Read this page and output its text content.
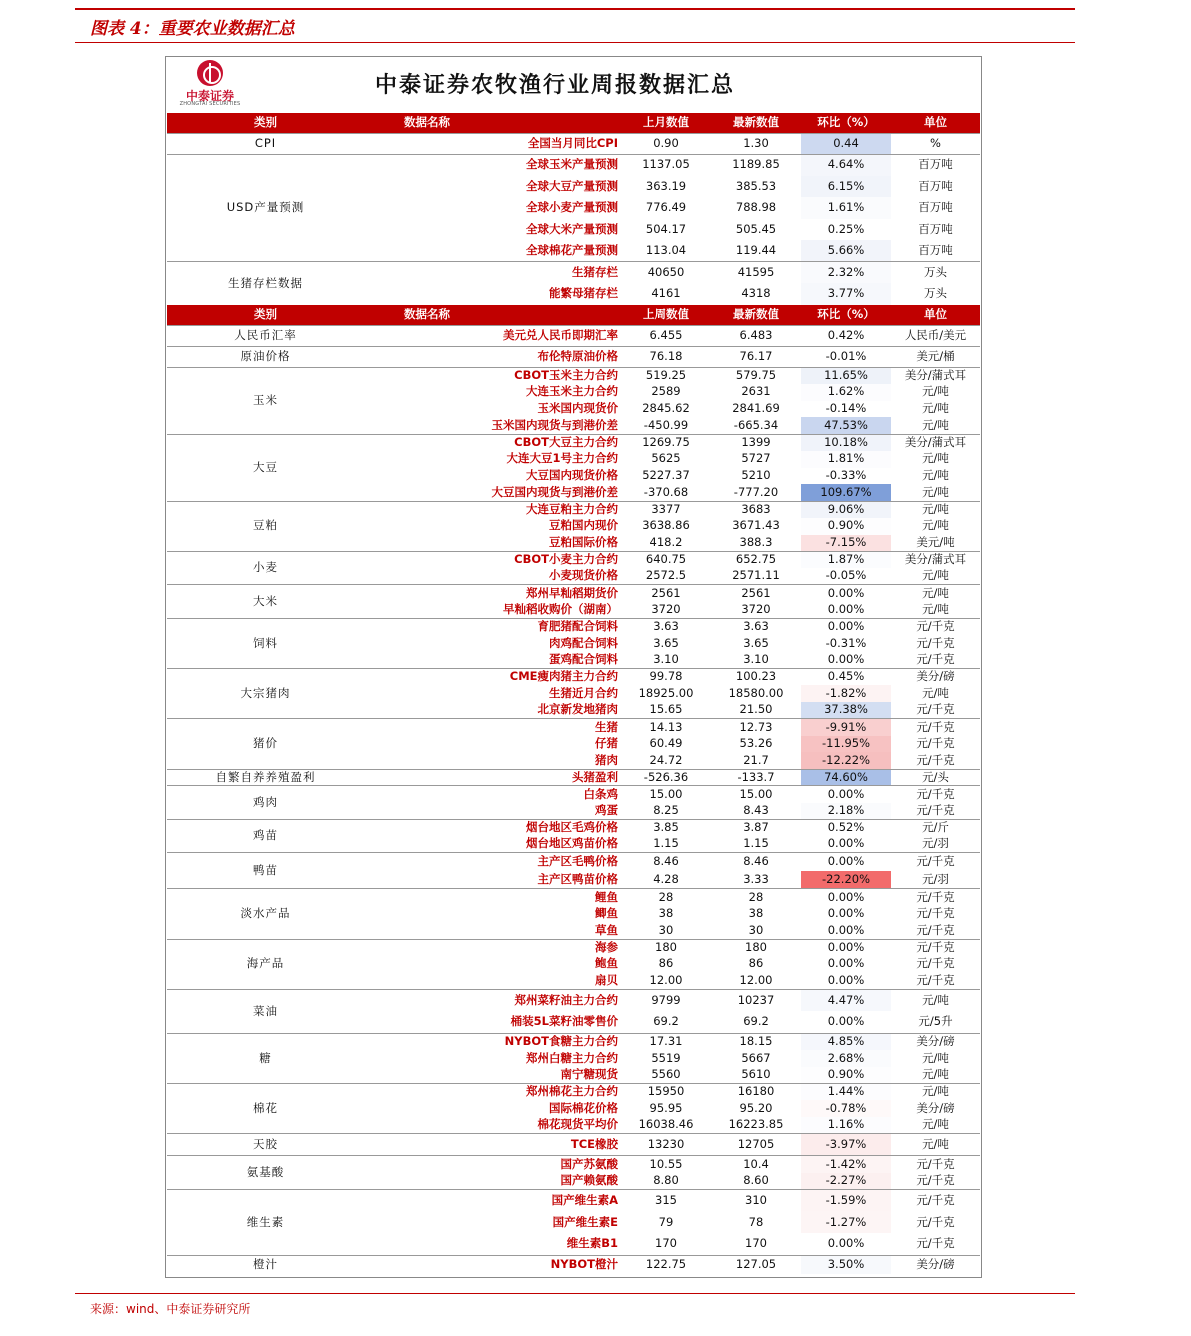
图表 4：重要农业数据汇总
中泰证券
ZHONGTAI SECURITIES
中泰证券农牧渔行业周报数据汇总
类别	数据名称	上月数值	最新数值	环比（%）	单位
CPI	全国当月同比CPI	0.90	1.30	0.44	%
USD产量预测	全球玉米产量预测	1137.05	1189.85	4.64%	百万吨
	全球大豆产量预测	363.19	385.53	6.15%	百万吨
	全球小麦产量预测	776.49	788.98	1.61%	百万吨
	全球大米产量预测	504.17	505.45	0.25%	百万吨
	全球棉花产量预测	113.04	119.44	5.66%	百万吨
生猪存栏数据	生猪存栏	40650	41595	2.32%	万头
	能繁母猪存栏	4161	4318	3.77%	万头
类别	数据名称	上周数值	最新数值	环比（%）	单位
人民币汇率	美元兑人民币即期汇率	6.455	6.483	0.42%	人民币/美元
原油价格	布伦特原油价格	76.18	76.17	-0.01%	美元/桶
玉米	CBOT玉米主力合约	519.25	579.75	11.65%	美分/蒲式耳
	大连玉米主力合约	2589	2631	1.62%	元/吨
	玉米国内现货价	2845.62	2841.69	-0.14%	元/吨
	玉米国内现货与到港价差	-450.99	-665.34	47.53%	元/吨
大豆	CBOT大豆主力合约	1269.75	1399	10.18%	美分/蒲式耳
	大连大豆1号主力合约	5625	5727	1.81%	元/吨
	大豆国内现货价格	5227.37	5210	-0.33%	元/吨
	大豆国内现货与到港价差	-370.68	-777.20	109.67%	元/吨
豆粕	大连豆粕主力合约	3377	3683	9.06%	元/吨
	豆粕国内现价	3638.86	3671.43	0.90%	元/吨
	豆粕国际价格	418.2	388.3	-7.15%	美元/吨
小麦	CBOT小麦主力合约	640.75	652.75	1.87%	美分/蒲式耳
	小麦现货价格	2572.5	2571.11	-0.05%	元/吨
大米	郑州早籼稻期货价	2561	2561	0.00%	元/吨
	早籼稻收购价（湖南）	3720	3720	0.00%	元/吨
饲料	育肥猪配合饲料	3.63	3.63	0.00%	元/千克
	肉鸡配合饲料	3.65	3.65	-0.31%	元/千克
	蛋鸡配合饲料	3.10	3.10	0.00%	元/千克
大宗猪肉	CME瘦肉猪主力合约	99.78	100.23	0.45%	美分/磅
	生猪近月合约	18925.00	18580.00	-1.82%	元/吨
	北京新发地猪肉	15.65	21.50	37.38%	元/千克
猪价	生猪	14.13	12.73	-9.91%	元/千克
	仔猪	60.49	53.26	-11.95%	元/千克
	猪肉	24.72	21.7	-12.22%	元/千克
自繁自养养殖盈利	头猪盈利	-526.36	-133.7	74.60%	元/头
鸡肉	白条鸡	15.00	15.00	0.00%	元/千克
	鸡蛋	8.25	8.43	2.18%	元/千克
鸡苗	烟台地区毛鸡价格	3.85	3.87	0.52%	元/斤
	烟台地区鸡苗价格	1.15	1.15	0.00%	元/羽
鸭苗	主产区毛鸭价格	8.46	8.46	0.00%	元/千克
	主产区鸭苗价格	4.28	3.33	-22.20%	元/羽
淡水产品	鲤鱼	28	28	0.00%	元/千克
	鲫鱼	38	38	0.00%	元/千克
	草鱼	30	30	0.00%	元/千克
海产品	海参	180	180	0.00%	元/千克
	鲍鱼	86	86	0.00%	元/千克
	扇贝	12.00	12.00	0.00%	元/千克
菜油	郑州菜籽油主力合约	9799	10237	4.47%	元/吨
	桶装5L菜籽油零售价	69.2	69.2	0.00%	元/5升
糖	NYBOT食糖主力合约	17.31	18.15	4.85%	美分/磅
	郑州白糖主力合约	5519	5667	2.68%	元/吨
	南宁糖现货	5560	5610	0.90%	元/吨
棉花	郑州棉花主力合约	15950	16180	1.44%	元/吨
	国际棉花价格	95.95	95.20	-0.78%	美分/磅
	棉花现货平均价	16038.46	16223.85	1.16%	元/吨
天胶	TCE橡胶	13230	12705	-3.97%	元/吨
氨基酸	国产苏氨酸	10.55	10.4	-1.42%	元/千克
	国产赖氨酸	8.80	8.60	-2.27%	元/千克
维生素	国产维生素A	315	310	-1.59%	元/千克
	国产维生素E	79	78	-1.27%	元/千克
	维生素B1	170	170	0.00%	元/千克
橙汁	NYBOT橙汁	122.75	127.05	3.50%	美分/磅
来源：wind、中泰证券研究所
